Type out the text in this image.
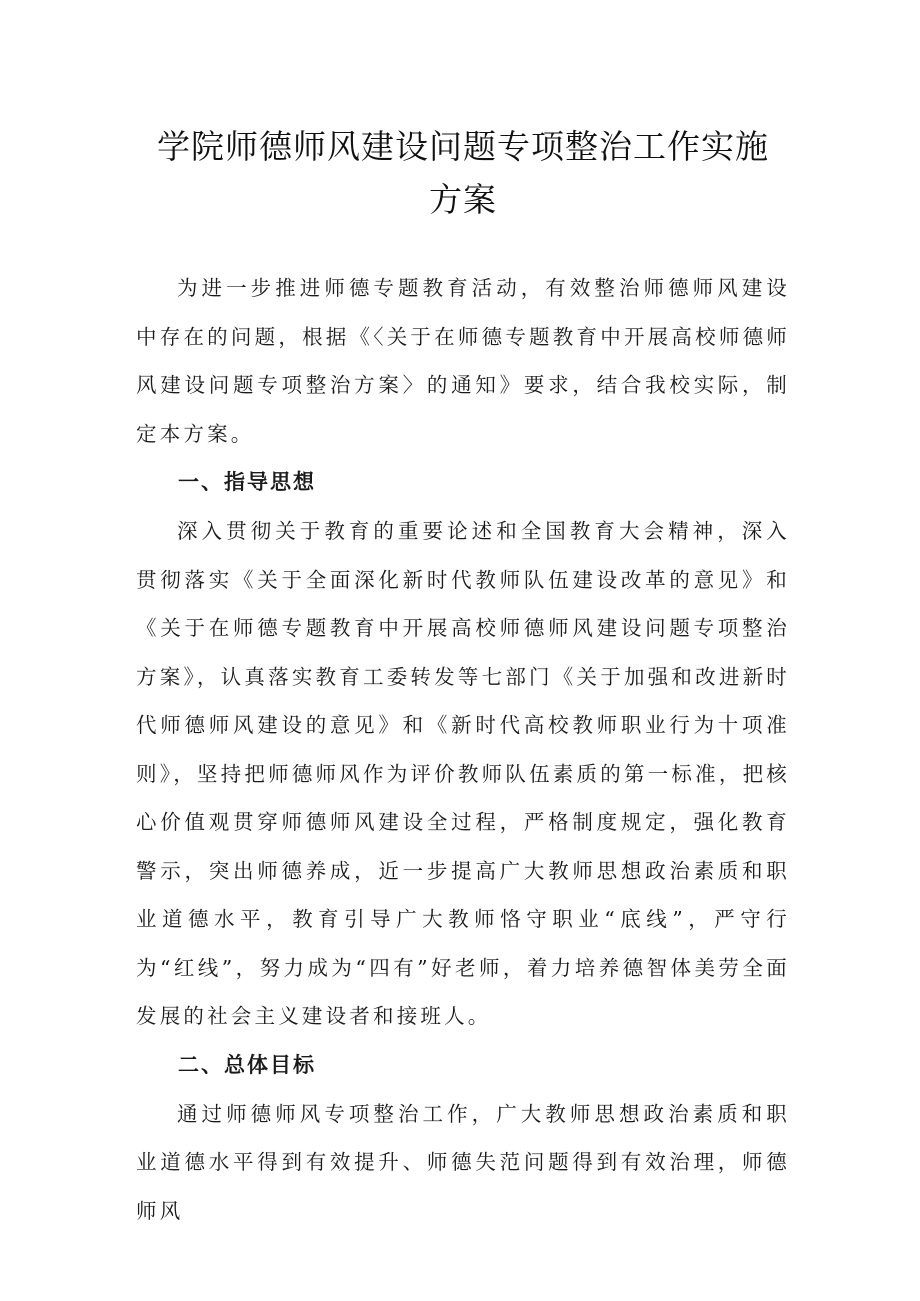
学院师德师风建设问题专项整治工作实施
方案

为进一步推进师德专题教育活动，有效整治师德师风建设中存在的问题，根据《〈关于在师德专题教育中开展高校师德师风建设问题专项整治方案〉的通知》要求，结合我校实际，制定本方案。

一、指导思想

深入贯彻关于教育的重要论述和全国教育大会精神，深入贯彻落实《关于全面深化新时代教师队伍建设改革的意见》和《关于在师德专题教育中开展高校师德师风建设问题专项整治方案》，认真落实教育工委转发等七部门《关于加强和改进新时代师德师风建设的意见》和《新时代高校教师职业行为十项准则》，坚持把师德师风作为评价教师队伍素质的第一标准，把核心价值观贯穿师德师风建设全过程，严格制度规定，强化教育警示，突出师德养成，近一步提高广大教师思想政治素质和职业道德水平，教育引导广大教师恪守职业“底线”，严守行为“红线”，努力成为“四有”好老师，着力培养德智体美劳全面发展的社会主义建设者和接班人。

二、总体目标

通过师德师风专项整治工作，广大教师思想政治素质和职业道德水平得到有效提升、师德失范问题得到有效治理，师德师风
